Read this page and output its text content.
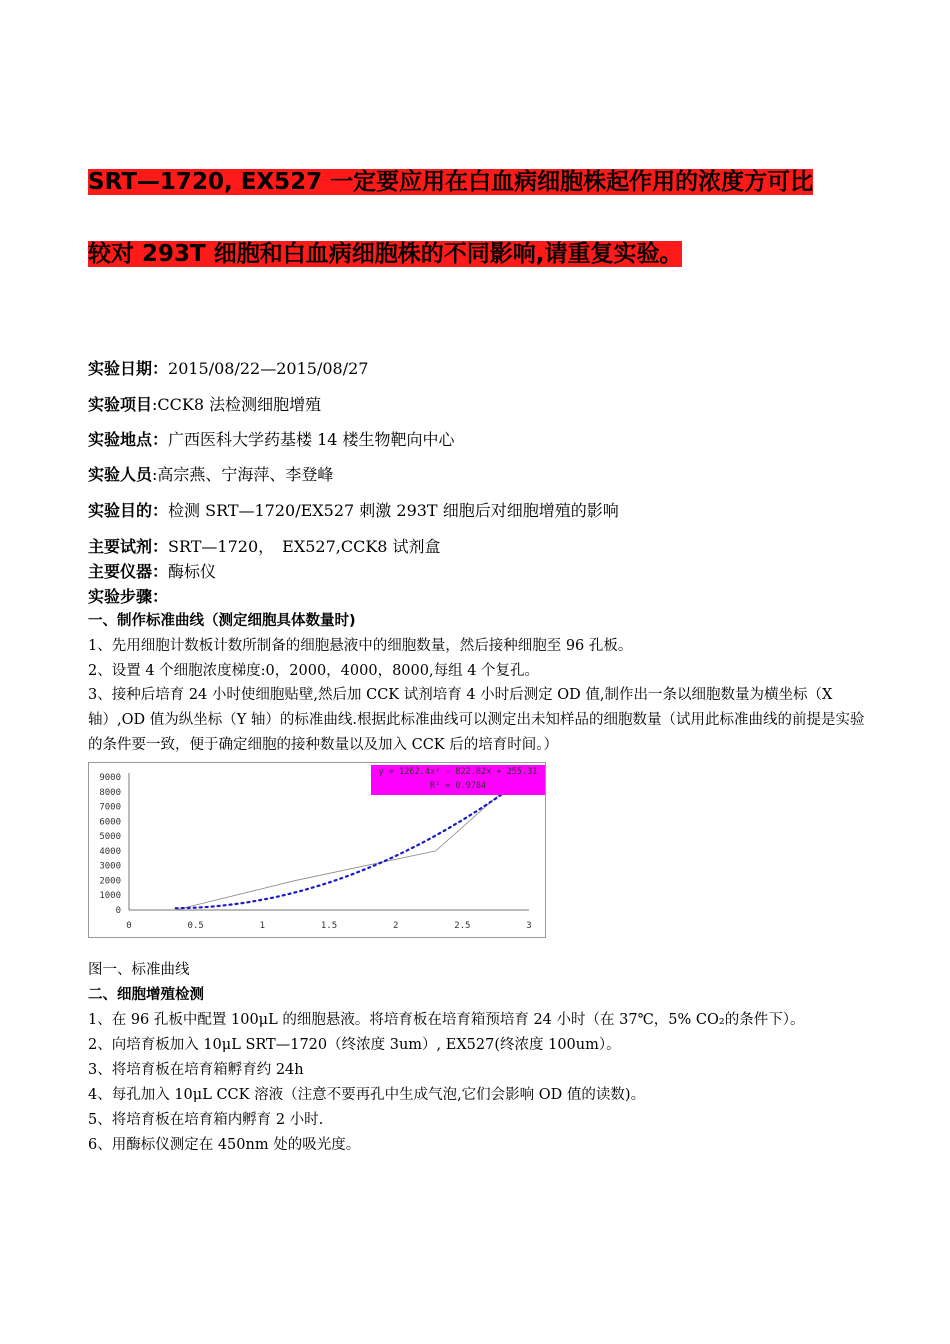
SRT—1720, EX527 一定要应用在白血病细胞株起作用的浓度方可比
较对 293T 细胞和白血病细胞株的不同影响,请重复实验。
实验日期：2015/08/22—2015/08/27
实验项目:CCK8 法检测细胞增殖
实验地点：广西医科大学药基楼 14 楼生物靶向中心
实验人员:高宗燕、宁海萍、李登峰
实验目的：检测 SRT—1720/EX527 刺激 293T 细胞后对细胞增殖的影响
主要试剂：SRT—1720，　EX527,CCK8 试剂盒
主要仪器：酶标仪
实验步骤：
一、制作标准曲线（测定细胞具体数量时)
1、先用细胞计数板计数所制备的细胞悬液中的细胞数量，然后接种细胞至 96 孔板。
2、设置 4 个细胞浓度梯度:0，2000，4000，8000,每组 4 个复孔。
3、接种后培育 24 小时使细胞贴壁,然后加 CCK 试剂培育 4 小时后测定 OD 值,制作出一条以细胞数量为横坐标（X 轴）,OD 值为纵坐标（Y 轴）的标准曲线.根据此标准曲线可以测定出未知样品的细胞数量（试用此标准曲线的前提是实验的条件要一致，便于确定细胞的接种数量以及加入 CCK 后的培育时间。）
0
1000
2000
3000
4000
5000
6000
7000
8000
9000
0	0.5	1	1.5	2	2.5	3
y = 1262.4x² - 822.82x + 255.31
R² = 0.9784
图一、标准曲线
二、细胞增殖检测
1、在 96 孔板中配置 100μL 的细胞悬液。将培育板在培育箱预培育 24 小时（在 37℃，5% CO₂的条件下）。
2、向培育板加入 10μL SRT—1720（终浓度 3um）, EX527(终浓度 100um）。
3、将培育板在培育箱孵育约 24h
4、每孔加入 10μL CCK 溶液（注意不要再孔中生成气泡,它们会影响 OD 值的读数)。
5、将培育板在培育箱内孵育 2 小时.
6、用酶标仪测定在 450nm 处的吸光度。
